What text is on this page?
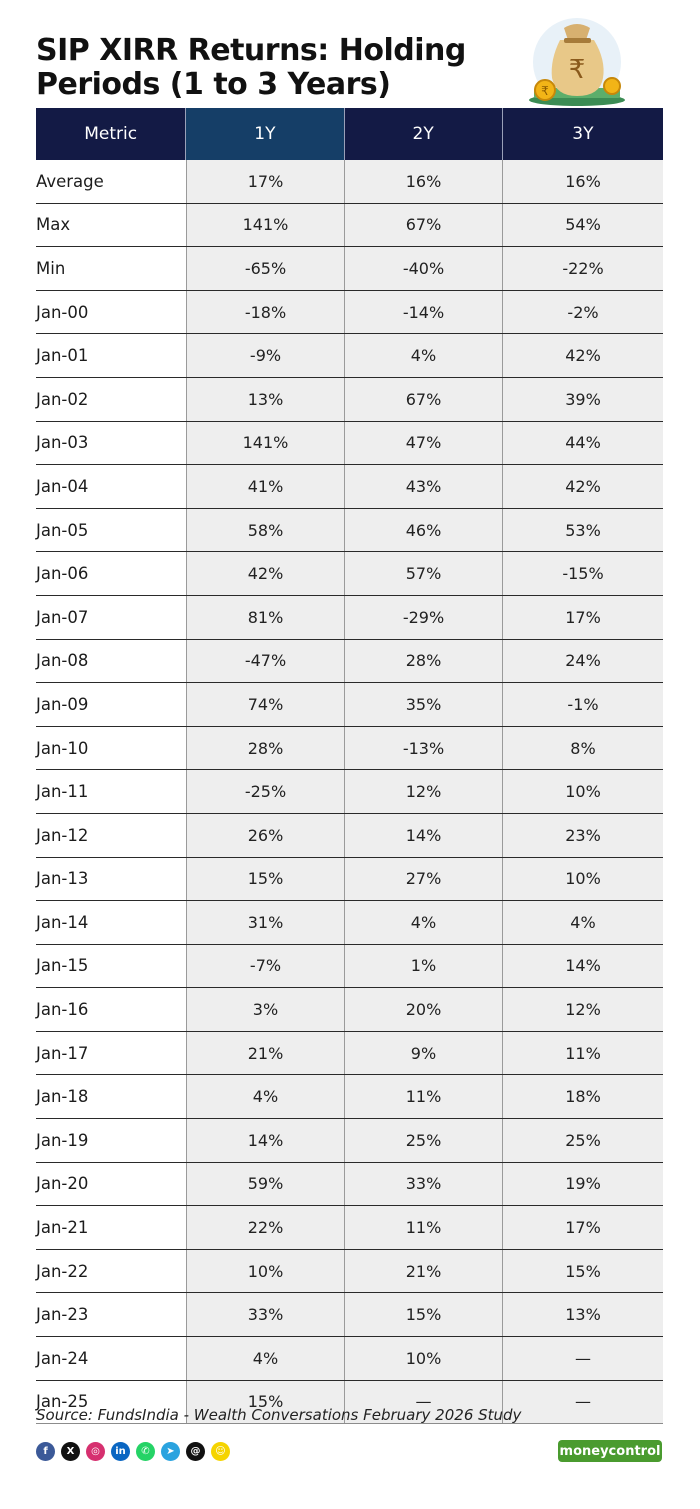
SIP XIRR Returns: Holding Periods (1 to 3 Years)	₹
₹
Metric	1Y	2Y	3Y
Average	17%	16%	16%
Max	141%	67%	54%
Min	-65%	-40%	-22%
Jan-00	-18%	-14%	-2%
Jan-01	-9%	4%	42%
Jan-02	13%	67%	39%
Jan-03	141%	47%	44%
Jan-04	41%	43%	42%
Jan-05	58%	46%	53%
Jan-06	42%	57%	-15%
Jan-07	81%	-29%	17%
Jan-08	-47%	28%	24%
Jan-09	74%	35%	-1%
Jan-10	28%	-13%	8%
Jan-11	-25%	12%	10%
Jan-12	26%	14%	23%
Jan-13	15%	27%	10%
Jan-14	31%	4%	4%
Jan-15	-7%	1%	14%
Jan-16	3%	20%	12%
Jan-17	21%	9%	11%
Jan-18	4%	11%	18%
Jan-19	14%	25%	25%
Jan-20	59%	33%	19%
Jan-21	22%	11%	17%
Jan-22	10%	21%	15%
Jan-23	33%	15%	13%
Jan-24	4%	10%	—
Jan-25	15%	—	—
Source: FundsIndia - Wealth Conversations February 2026 Study
f	X	◎	in	✆	➤	@	☺	moneycontrol
